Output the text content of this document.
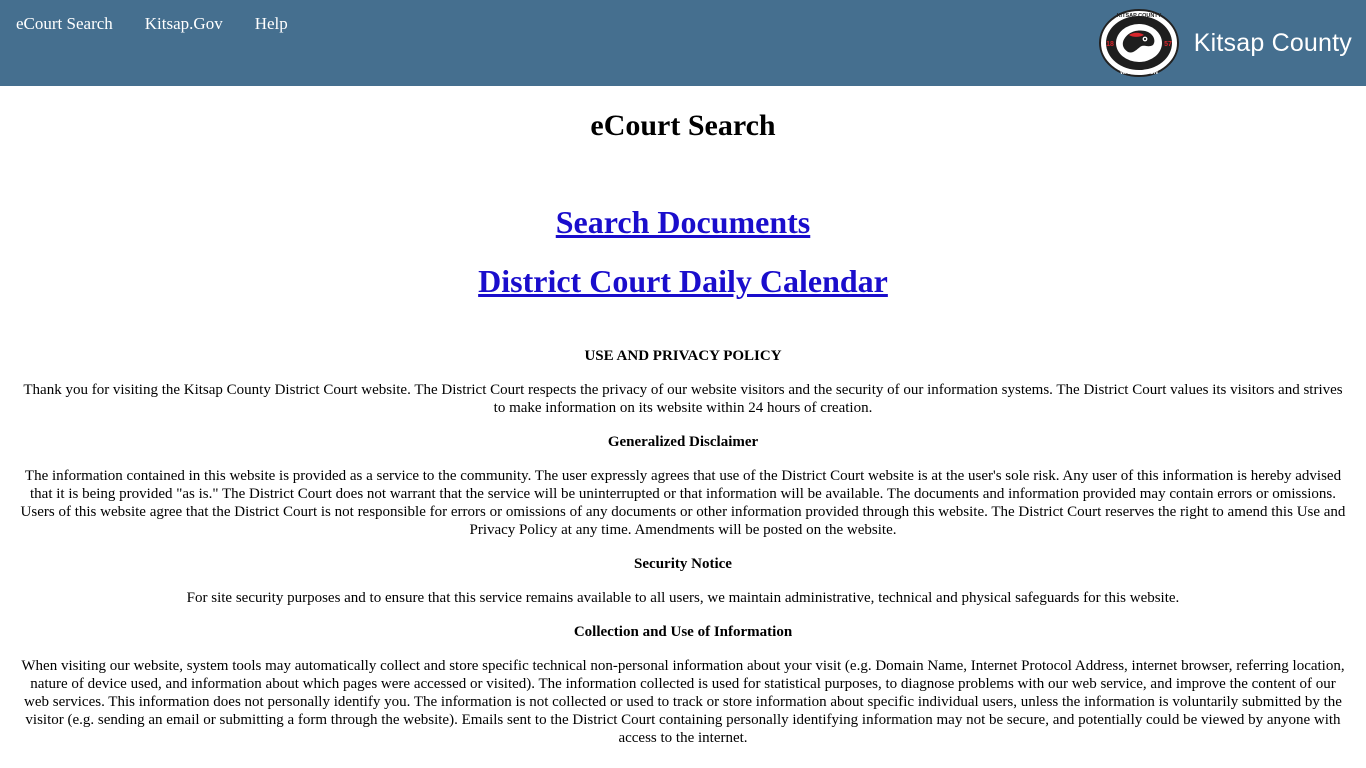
eCourt Search Kitsap.Gov Help	KITSAP COUNTY
WASHINGTON
18	57 Kitsap County
eCourt Search
Search Documents
District Court Daily Calendar
USE AND PRIVACY POLICY

Thank you for visiting the Kitsap County District Court website. The District Court respects the privacy of our website visitors and the security of our information systems. The District Court values its visitors and strives to make information on its website within 24 hours of creation.

Generalized Disclaimer

The information contained in this website is provided as a service to the community. The user expressly agrees that use of the District Court website is at the user's sole risk. Any user of this information is hereby advised that it is being provided "as is." The District Court does not warrant that the service will be uninterrupted or that information will be available. The documents and information provided may contain errors or omissions. Users of this website agree that the District Court is not responsible for errors or omissions of any documents or other information provided through this website. The District Court reserves the right to amend this Use and Privacy Policy at any time. Amendments will be posted on the website.

Security Notice

For site security purposes and to ensure that this service remains available to all users, we maintain administrative, technical and physical safeguards for this website.

Collection and Use of Information

When visiting our website, system tools may automatically collect and store specific technical non-personal information about your visit (e.g. Domain Name, Internet Protocol Address, internet browser, referring location, nature of device used, and information about which pages were accessed or visited). The information collected is used for statistical purposes, to diagnose problems with our web service, and improve the content of our web services. This information does not personally identify you. The information is not collected or used to track or store information about specific individual users, unless the information is voluntarily submitted by the visitor (e.g. sending an email or submitting a form through the website). Emails sent to the District Court containing personally identifying information may not be secure, and potentially could be viewed by anyone with access to the internet.
